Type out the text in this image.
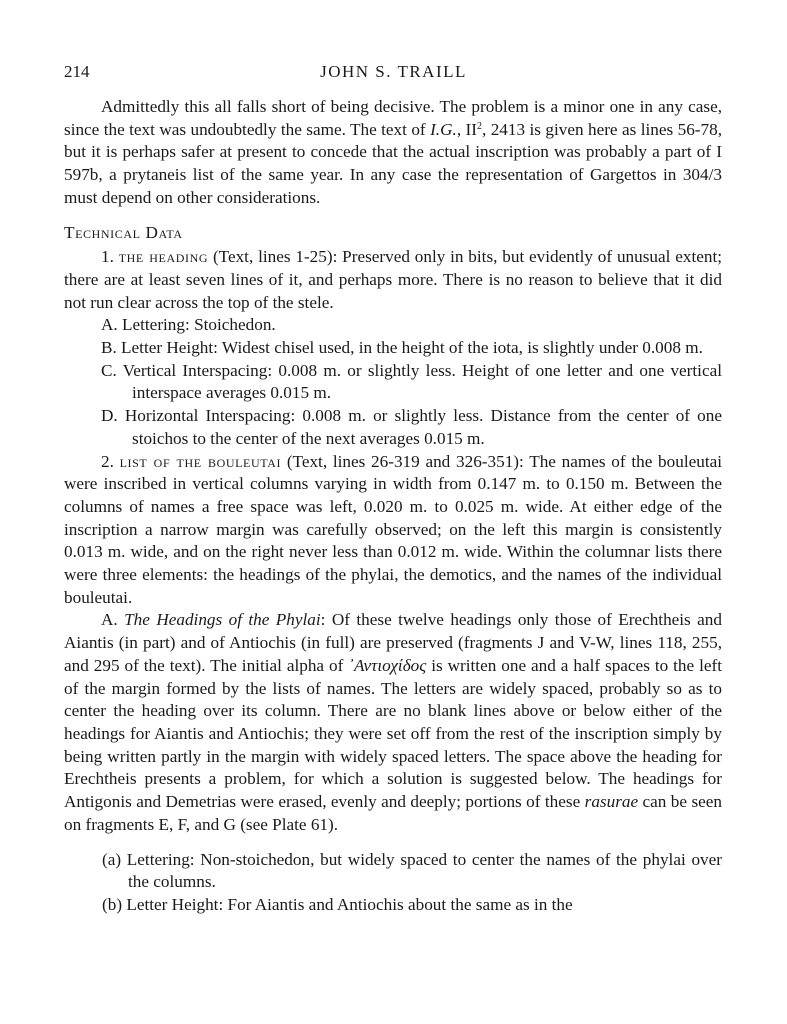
214	JOHN S. TRAILL

Admittedly this all falls short of being decisive. The problem is a minor one in any case, since the text was undoubtedly the same. The text of I.G., $II^2$, 2413 is given here as lines 56-78, but it is perhaps safer at present to concede that the actual inscription was probably a part of I 597b, a prytaneis list of the same year. In any case the representation of Gargettos in 304/3 must depend on other considerations.

Technical Data

1. the heading (Text, lines 1-25): Preserved only in bits, but evidently of unusual extent; there are at least seven lines of it, and perhaps more. There is no reason to believe that it did not run clear across the top of the stele.

A. Lettering: Stoichedon.

B. Letter Height: Widest chisel used, in the height of the iota, is slightly under 0.008 m.

C. Vertical Interspacing: 0.008 m. or slightly less. Height of one letter and one vertical interspace averages 0.015 m.

D. Horizontal Interspacing: 0.008 m. or slightly less. Distance from the center of one stoichos to the center of the next averages 0.015 m.

2. list of the bouleutai (Text, lines 26-319 and 326-351): The names of the bouleutai were inscribed in vertical columns varying in width from 0.147 m. to 0.150 m. Between the columns of names a free space was left, 0.020 m. to 0.025 m. wide. At either edge of the inscription a narrow margin was carefully observed; on the left this margin is consistently 0.013 m. wide, and on the right never less than 0.012 m. wide. Within the columnar lists there were three elements: the headings of the phylai, the demotics, and the names of the individual bouleutai.

A. The Headings of the Phylai: Of these twelve headings only those of Erechtheis and Aiantis (in part) and of Antiochis (in full) are preserved (fragments J and V-W, lines 118, 255, and 295 of the text). The initial alpha of ᾿Αντιοχίδος is written one and a half spaces to the left of the margin formed by the lists of names. The letters are widely spaced, probably so as to center the heading over its column. There are no blank lines above or below either of the headings for Aiantis and Antiochis; they were set off from the rest of the inscription simply by being written partly in the margin with widely spaced letters. The space above the heading for Erechtheis presents a problem, for which a solution is suggested below. The headings for Antigonis and Demetrias were erased, evenly and deeply; portions of these rasurae can be seen on fragments E, F, and G (see Plate 61).

(a) Lettering: Non-stoichedon, but widely spaced to center the names of the phylai over the columns.

(b) Letter Height: For Aiantis and Antiochis about the same as in the
